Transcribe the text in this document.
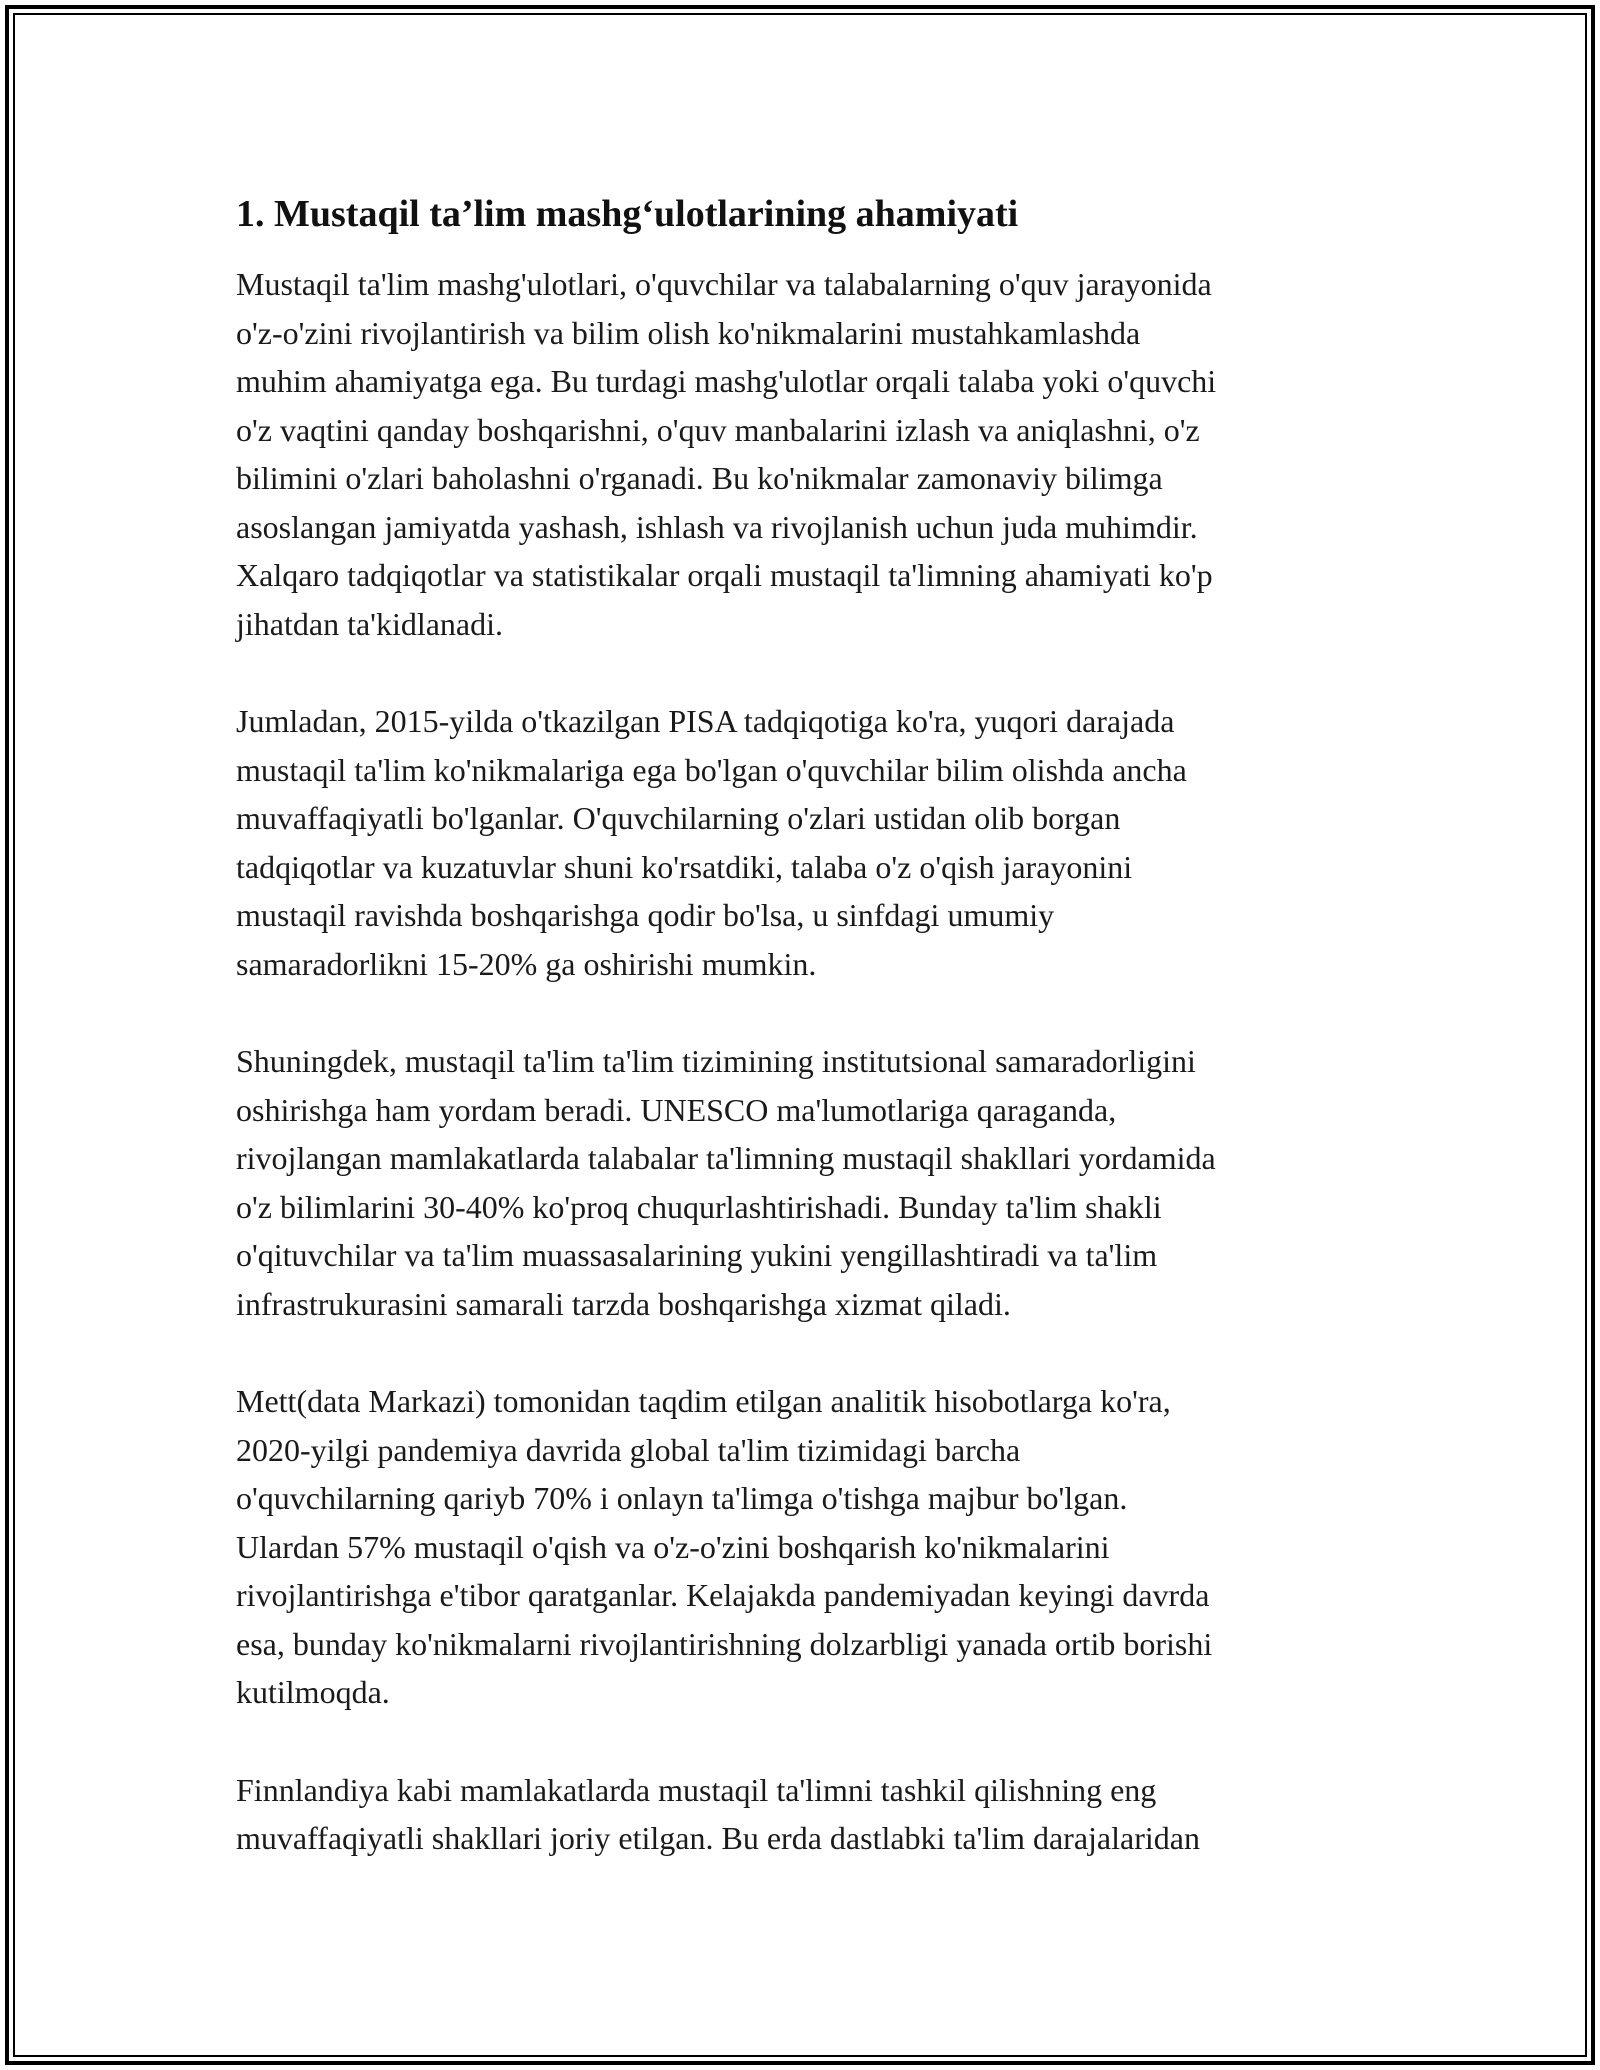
1. Mustaqil ta’lim mashg‘ulotlarining ahamiyati

Mustaqil ta'lim mashg'ulotlari, o'quvchilar va talabalarning o'quv jarayonida
o'z-o'zini rivojlantirish va bilim olish ko'nikmalarini mustahkamlashda
muhim ahamiyatga ega. Bu turdagi mashg'ulotlar orqali talaba yoki o'quvchi
o'z vaqtini qanday boshqarishni, o'quv manbalarini izlash va aniqlashni, o'z
bilimini o'zlari baholashni o'rganadi. Bu ko'nikmalar zamonaviy bilimga
asoslangan jamiyatda yashash, ishlash va rivojlanish uchun juda muhimdir.
Xalqaro tadqiqotlar va statistikalar orqali mustaqil ta'limning ahamiyati ko'p
jihatdan ta'kidlanadi.

Jumladan, 2015-yilda o'tkazilgan PISA tadqiqotiga ko'ra, yuqori darajada
mustaqil ta'lim ko'nikmalariga ega bo'lgan o'quvchilar bilim olishda ancha
muvaffaqiyatli bo'lganlar. O'quvchilarning o'zlari ustidan olib borgan
tadqiqotlar va kuzatuvlar shuni ko'rsatdiki, talaba o'z o'qish jarayonini
mustaqil ravishda boshqarishga qodir bo'lsa, u sinfdagi umumiy
samaradorlikni 15-20% ga oshirishi mumkin.

Shuningdek, mustaqil ta'lim ta'lim tizimining institutsional samaradorligini
oshirishga ham yordam beradi. UNESCO ma'lumotlariga qaraganda,
rivojlangan mamlakatlarda talabalar ta'limning mustaqil shakllari yordamida
o'z bilimlarini 30-40% ko'proq chuqurlashtirishadi. Bunday ta'lim shakli
o'qituvchilar va ta'lim muassasalarining yukini yengillashtiradi va ta'lim
infrastrukurasini samarali tarzda boshqarishga xizmat qiladi.

Mett(data Markazi) tomonidan taqdim etilgan analitik hisobotlarga ko'ra,
2020-yilgi pandemiya davrida global ta'lim tizimidagi barcha
o'quvchilarning qariyb 70% i onlayn ta'limga o'tishga majbur bo'lgan.
Ulardan 57% mustaqil o'qish va o'z-o'zini boshqarish ko'nikmalarini
rivojlantirishga e'tibor qaratganlar. Kelajakda pandemiyadan keyingi davrda
esa, bunday ko'nikmalarni rivojlantirishning dolzarbligi yanada ortib borishi
kutilmoqda.

Finnlandiya kabi mamlakatlarda mustaqil ta'limni tashkil qilishning eng
muvaffaqiyatli shakllari joriy etilgan. Bu erda dastlabki ta'lim darajalaridan
